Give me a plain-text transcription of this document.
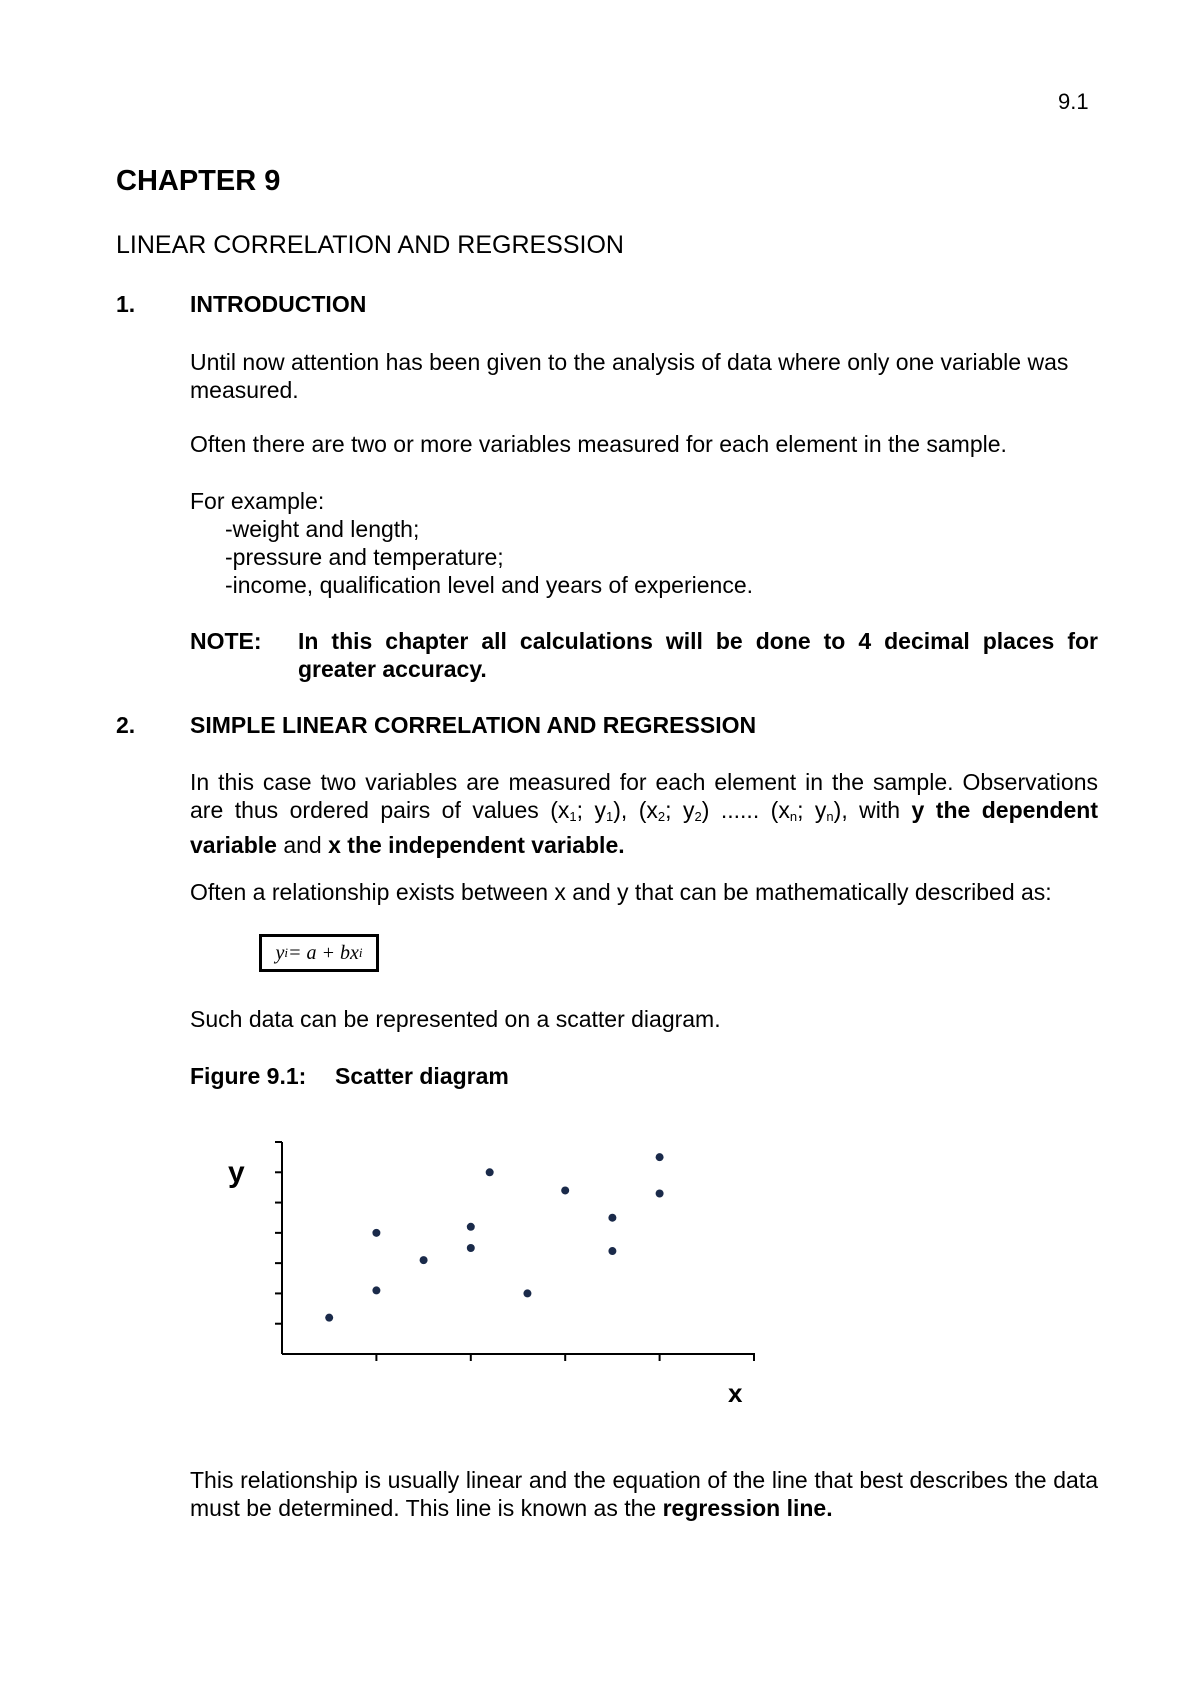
9.1
CHAPTER 9
LINEAR CORRELATION AND REGRESSION
1. INTRODUCTION

Until now attention has been given to the analysis of data where only one variable was measured.

Often there are two or more variables measured for each element in the sample.
For example:
-weight and length;
-pressure and temperature;
-income, qualification level and years of experience.
NOTE: In this chapter all calculations will be done to 4 decimal places for greater accuracy.
2. SIMPLE LINEAR CORRELATION AND REGRESSION
In this case two variables are measured for each element in the sample. Observations are thus ordered pairs of values ($x_1$; $y_1$), ($x_2$; $y_2$) ...... ($x_n$; $y_n$), with y the dependent variable and x the independent variable.
Often a relationship exists between x and y that can be mathematically described as:
y i = a + bx i
Such data can be represented on a scatter diagram.
Figure 9.1: Scatter diagram
y
x
This relationship is usually linear and the equation of the line that best describes the data must be determined. This line is known as the regression line.
